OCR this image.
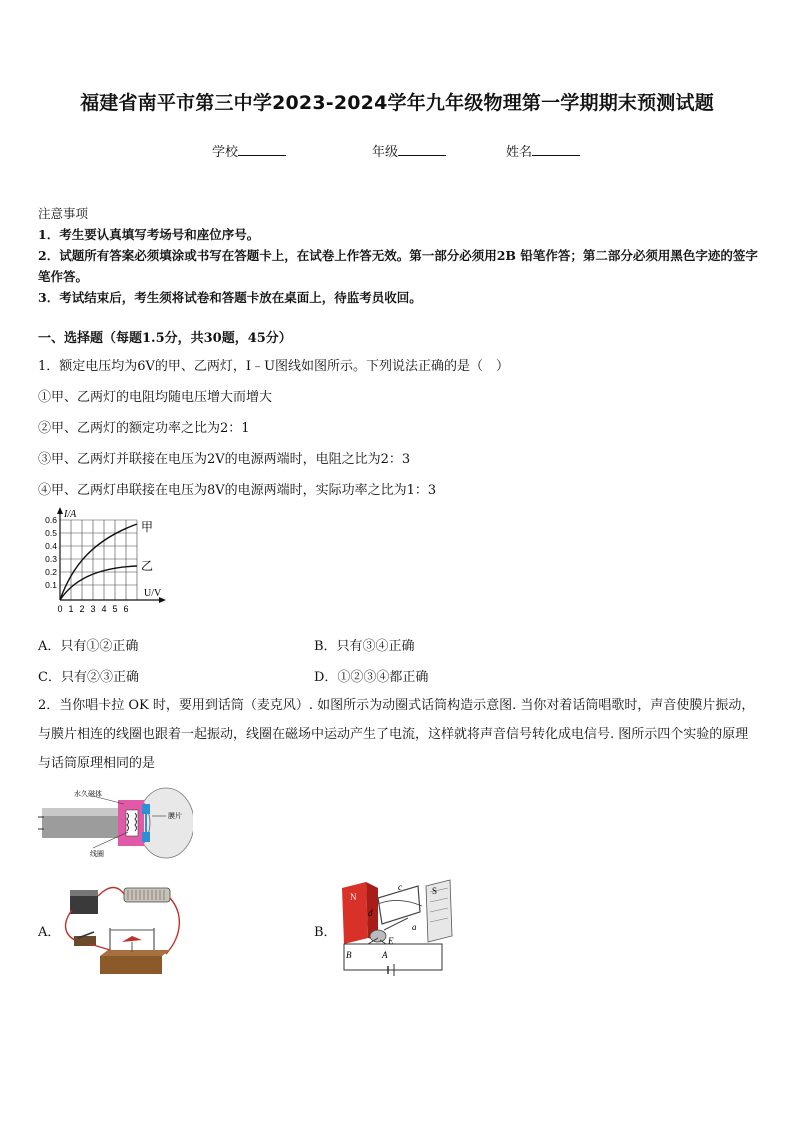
福建省南平市第三中学2023-2024学年九年级物理第一学期期末预测试题
学校	年级	姓名
注意事项
1．考生要认真填写考场号和座位序号。
2．试题所有答案必须填涂或书写在答题卡上，在试卷上作答无效。第一部分必须用2B 铅笔作答；第二部分必须用黑色字迹的签字笔作答。
3．考试结束后，考生须将试卷和答题卡放在桌面上，待监考员收回。
一、选择题（每题1.5分，共30题，45分）
1．额定电压均为6V的甲、乙两灯，I﹣U图线如图所示。下列说法正确的是（　）
①甲、乙两灯的电阻均随电压增大而增大
②甲、乙两灯的额定功率之比为2：1
③甲、乙两灯并联接在电压为2V的电源两端时，电阻之比为2：3
④甲、乙两灯串联接在电压为8V的电源两端时，实际功率之比为1：3
I/A
U/V
0.6
0.5
0.4
0.3
0.2
0.1
0 1 2 3 4 5 6
甲
乙
A．只有①②正确	B．只有③④正确
C．只有②③正确	D．①②③④都正确
2．当你唱卡拉 OK 时，要用到话筒（麦克风）. 如图所示为动圈式话筒构造示意图. 当你对着话筒唱歌时，声音使膜片振动，与膜片相连的线圈也跟着一起振动，线圈在磁场中运动产生了电流，这样就将声音信号转化成电信号. 图所示四个实验的原理与话筒原理相同的是
水久磁体
膜片
线圈
A．	B．
N
S
c
a
d
E
B	A
